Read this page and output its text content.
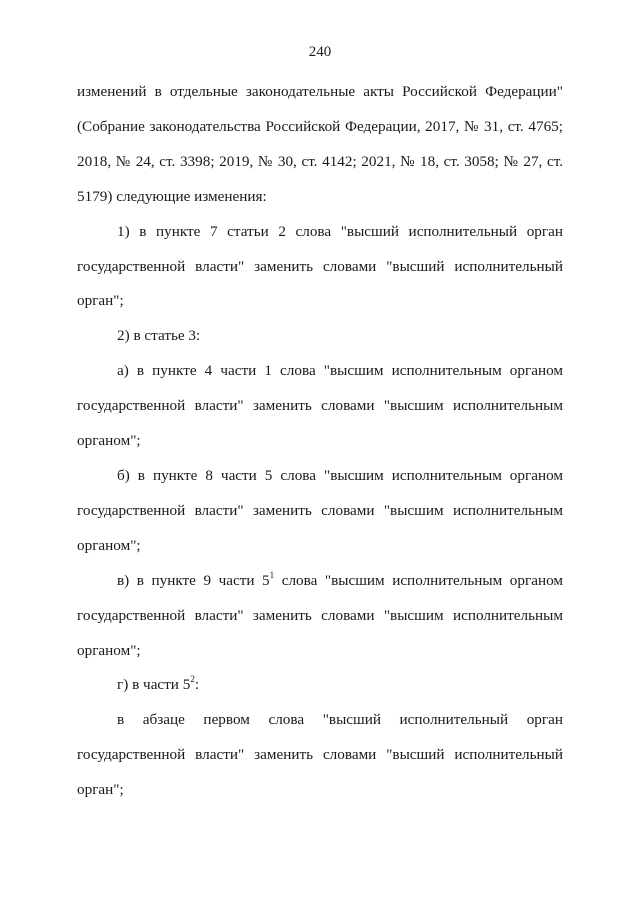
240

изменений в отдельные законодательные акты Российской Федерации" (Собрание законодательства Российской Федерации, 2017, № 31, ст. 4765; 2018, № 24, ст. 3398; 2019, № 30, ст. 4142; 2021, № 18, ст. 3058; № 27, ст. 5179) следующие изменения:

1) в пункте 7 статьи 2 слова "высший исполнительный орган государственной власти" заменить словами "высший исполнительный орган";

2) в статье 3:

а) в пункте 4 части 1 слова "высшим исполнительным органом государственной власти" заменить словами "высшим исполнительным органом";

б) в пункте 8 части 5 слова "высшим исполнительным органом государственной власти" заменить словами "высшим исполнительным органом";

в) в пункте 9 части $5^1$ слова "высшим исполнительным органом государственной власти" заменить словами "высшим исполнительным органом";

г) в части $5^2$:

в абзаце первом слова "высший исполнительный орган

государственной власти" заменить словами "высший исполнительный орган";
